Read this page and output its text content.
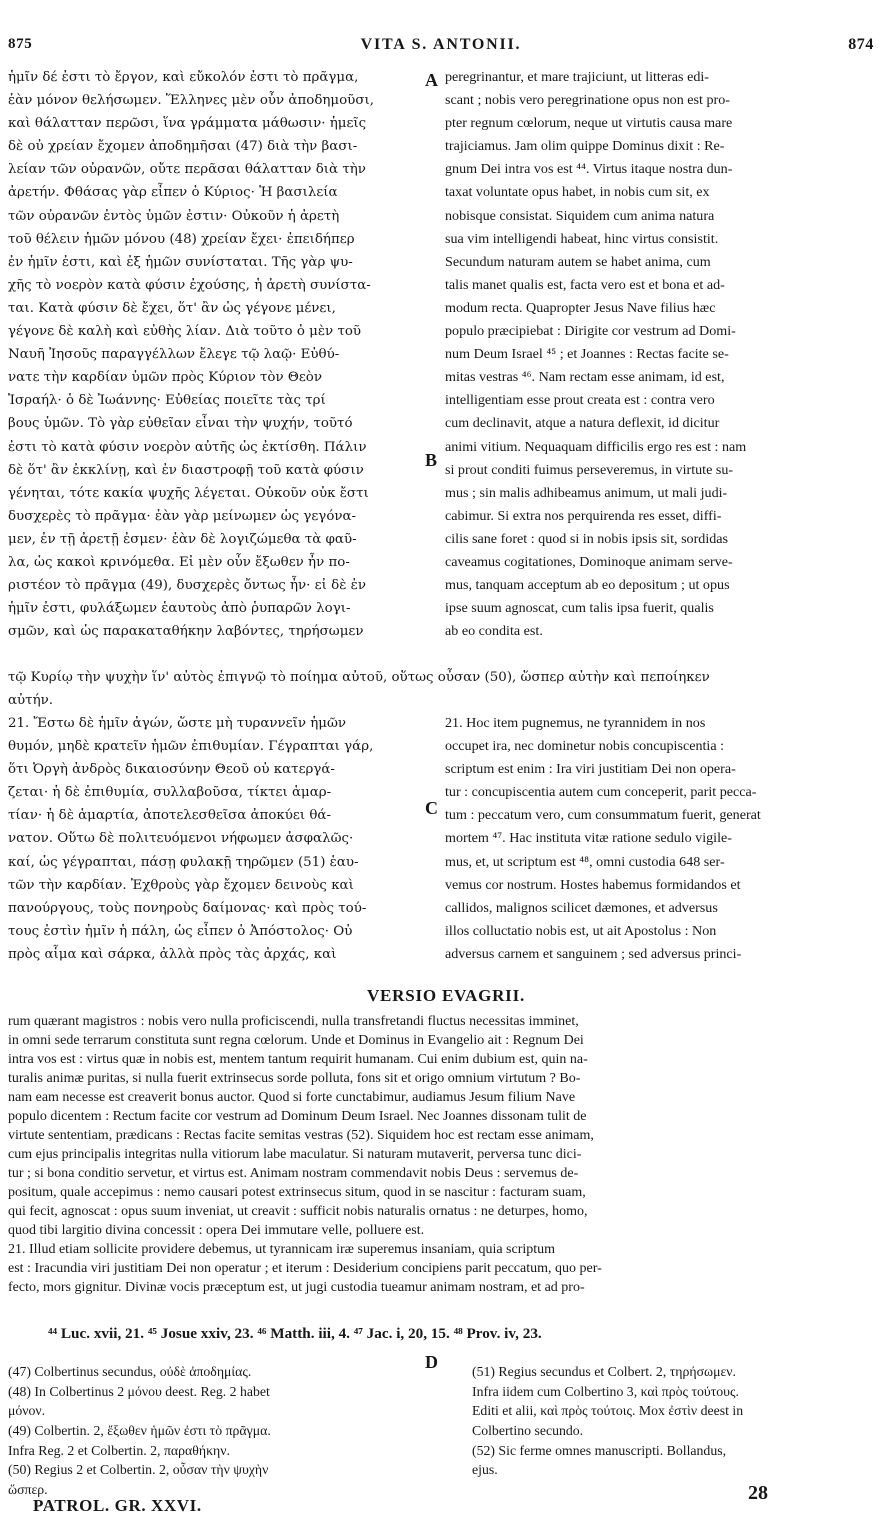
875	VITA S. ANTONII.	874
A
B
C
D
ἡμῖν δέ ἐστι τὸ ἔργον, καὶ εὔκολόν ἐστι τὸ πρᾶγμα,
ἐὰν μόνον θελήσωμεν. Ἕλληνες μὲν οὖν ἀποδημοῦσι,
καὶ θάλατταν περῶσι, ἵνα γράμματα μάθωσιν· ἡμεῖς
δὲ οὐ χρείαν ἔχομεν ἀποδημῆσαι (47) διὰ τὴν βασι-
λείαν τῶν οὐρανῶν, οὔτε περᾶσαι θάλατταν διὰ τὴν
ἀρετήν. Φθάσας γὰρ εἶπεν ὁ Κύριος· Ἡ βασιλεία
τῶν οὐρανῶν ἐντὸς ὑμῶν ἐστιν· Οὐκοῦν ἡ ἀρετὴ
τοῦ θέλειν ἡμῶν μόνου (48) χρείαν ἔχει· ἐπειδήπερ
ἐν ἡμῖν ἐστι, καὶ ἐξ ἡμῶν συνίσταται. Τῆς γὰρ ψυ-
χῆς τὸ νοερὸν κατὰ φύσιν ἐχούσης, ἡ ἀρετὴ συνίστα-
ται. Κατὰ φύσιν δὲ ἔχει, ὅτ' ἂν ὡς γέγονε μένει,
γέγονε δὲ καλὴ καὶ εὐθὴς λίαν. Διὰ τοῦτο ὁ μὲν τοῦ
Ναυῆ Ἰησοῦς παραγγέλλων ἔλεγε τῷ λαῷ· Εὐθύ-
νατε τὴν καρδίαν ὑμῶν πρὸς Κύριον τὸν Θεὸν
Ἰσραήλ· ὁ δὲ Ἰωάννης· Εὐθείας ποιεῖτε τὰς τρί
βους ὑμῶν. Τὸ γὰρ εὐθεῖαν εἶναι τὴν ψυχήν, τοῦτό
ἐστι τὸ κατὰ φύσιν νοερὸν αὐτῆς ὡς ἐκτίσθη. Πάλιν
δὲ ὅτ' ἂν ἐκκλίνῃ, καὶ ἐν διαστροφῇ τοῦ κατὰ φύσιν
γένηται, τότε κακία ψυχῆς λέγεται. Οὐκοῦν οὐκ ἔστι
δυσχερὲς τὸ πρᾶγμα· ἐὰν γὰρ μείνωμεν ὡς γεγόνα-
μεν, ἐν τῇ ἀρετῇ ἐσμεν· ἐὰν δὲ λογιζώμεθα τὰ φαῦ-
λα, ὡς κακοὶ κρινόμεθα. Εἰ μὲν οὖν ἔξωθεν ἦν πο-
ριστέον τὸ πρᾶγμα (49), δυσχερὲς ὄντως ἦν· εἰ δὲ ἐν
ἡμῖν ἐστι, φυλάξωμεν ἑαυτοὺς ἀπὸ ῥυπαρῶν λογι-
σμῶν, καὶ ὡς παρακαταθήκην λαβόντες, τηρήσωμεν
peregrinantur, et mare trajiciunt, ut litteras edi-
scant ; nobis vero peregrinatione opus non est pro-
pter regnum cœlorum, neque ut virtutis causa mare
trajiciamus. Jam olim quippe Dominus dixit : Re-
gnum Dei intra vos est ⁴⁴. Virtus itaque nostra dun-
taxat voluntate opus habet, in nobis cum sit, ex
nobisque consistat. Siquidem cum anima natura
sua vim intelligendi habeat, hinc virtus consistit.
Secundum naturam autem se habet anima, cum
talis manet qualis est, facta vero est et bona et ad-
modum recta. Quapropter Jesus Nave filius hæc
populo præcipiebat : Dirigite cor vestrum ad Domi-
num Deum Israel ⁴⁵ ; et Joannes : Rectas facite se-
mitas vestras ⁴⁶. Nam rectam esse animam, id est,
intelligentiam esse prout creata est : contra vero
cum declinavit, atque a natura deflexit, id dicitur
animi vitium. Nequaquam difficilis ergo res est : nam
si prout conditi fuimus perseveremus, in virtute su-
mus ; sin malis adhibeamus animum, ut mali judi-
cabimur. Si extra nos perquirenda res esset, diffi-
cilis sane foret : quod si in nobis ipsis sit, sordidas
caveamus cogitationes, Dominoque animam serve-
mus, tanquam acceptum ab eo depositum ; ut opus
ipse suum agnoscat, cum talis ipsa fuerit, qualis
ab eo condita est.
τῷ Κυρίῳ τὴν ψυχὴν ἵν' αὐτὸς ἐπιγνῷ τὸ ποίημα αὐτοῦ, οὕτως οὖσαν (50), ὥσπερ αὐτὴν καὶ πεποίηκεν
αὐτήν.
21. Ἔστω δὲ ἡμῖν ἀγών, ὥστε μὴ τυραννεῖν ἡμῶν
θυμόν, μηδὲ κρατεῖν ἡμῶν ἐπιθυμίαν. Γέγραπται γάρ,
ὅτι Ὀργὴ ἀνδρὸς δικαιοσύνην Θεοῦ οὐ κατεργά-
ζεται· ἡ δὲ ἐπιθυμία, συλλαβοῦσα, τίκτει ἁμαρ-
τίαν· ἡ δὲ ἁμαρτία, ἀποτελεσθεῖσα ἀποκύει θά-
νατον. Οὕτω δὲ πολιτευόμενοι νήφωμεν ἀσφαλῶς·
καί, ὡς γέγραπται, πάσῃ φυλακῇ τηρῶμεν (51) ἑαυ-
τῶν τὴν καρδίαν. Ἐχθροὺς γὰρ ἔχομεν δεινοὺς καὶ
πανούργους, τοὺς πονηροὺς δαίμονας· καὶ πρὸς τού-
τους ἐστὶν ἡμῖν ἡ πάλη, ὡς εἶπεν ὁ Ἀπόστολος· Οὐ
πρὸς αἷμα καὶ σάρκα, ἀλλὰ πρὸς τὰς ἀρχάς, καὶ
21. Hoc item pugnemus, ne tyrannidem in nos
occupet ira, nec dominetur nobis concupiscentia :
scriptum est enim : Ira viri justitiam Dei non opera-
tur : concupiscentia autem cum conceperit, parit pecca-
tum : peccatum vero, cum consummatum fuerit, generat
mortem ⁴⁷. Hac instituta vitæ ratione sedulo vigile-
mus, et, ut scriptum est ⁴⁸, omni custodia 648 ser-
vemus cor nostrum. Hostes habemus formidandos et
callidos, malignos scilicet dæmones, et adversus
illos colluctatio nobis est, ut ait Apostolus : Non
adversus carnem et sanguinem ; sed adversus princi-
VERSIO EVAGRII.
rum quærant magistros : nobis vero nulla proficiscendi, nulla transfretandi fluctus necessitas imminet,
in omni sede terrarum constituta sunt regna cœlorum. Unde et Dominus in Evangelio ait : Regnum Dei
intra vos est : virtus quæ in nobis est, mentem tantum requirit humanam. Cui enim dubium est, quin na-
turalis animæ puritas, si nulla fuerit extrinsecus sorde polluta, fons sit et origo omnium virtutum ? Bo-
nam eam necesse est creaverit bonus auctor. Quod si forte cunctabimur, audiamus Jesum filium Nave
populo dicentem : Rectum facite cor vestrum ad Dominum Deum Israel. Nec Joannes dissonam tulit de
virtute sententiam, prædicans : Rectas facite semitas vestras (52). Siquidem hoc est rectam esse animam,
cum ejus principalis integritas nulla vitiorum labe maculatur. Si naturam mutaverit, perversa tunc dici-
tur ; si bona conditio servetur, et virtus est. Animam nostram commendavit nobis Deus : servemus de-
positum, quale accepimus : nemo causari potest extrinsecus situm, quod in se nascitur : facturam suam,
qui fecit, agnoscat : opus suum inveniat, ut creavit : sufficit nobis naturalis ornatus : ne deturpes, homo,
quod tibi largitio divina concessit : opera Dei immutare velle, polluere est.
21. Illud etiam sollicite providere debemus, ut tyrannicam iræ superemus insaniam, quia scriptum
est : Iracundia viri justitiam Dei non operatur ; et iterum : Desiderium concipiens parit peccatum, quo per-
fecto, mors gignitur. Divinæ vocis præceptum est, ut jugi custodia tueamur animam nostram, et ad pro-
⁴⁴ Luc. xvii, 21. ⁴⁵ Josue xxiv, 23. ⁴⁶ Matth. iii, 4. ⁴⁷ Jac. i, 20, 15. ⁴⁸ Prov. iv, 23.
(47) Colbertinus secundus, οὐδὲ ἀποδημίας.
(48) In Colbertinus 2 μόνου deest. Reg. 2 habet
μόνον.
(49) Colbertin. 2, ἔξωθεν ἡμῶν ἐστι τὸ πρᾶγμα.
Infra Reg. 2 et Colbertin. 2, παραθήκην.
(50) Regius 2 et Colbertin. 2, οὖσαν τὴν ψυχὴν
ὥσπερ.
(51) Regius secundus et Colbert. 2, τηρήσωμεν.
Infra iidem cum Colbertino 3, καὶ πρὸς τούτους.
Editi et alii, καὶ πρὸς τούτοις. Mox ἐστὶν deest in
Colbertino secundo.
(52) Sic ferme omnes manuscripti. Bollandus,
ejus.
PATROL. GR. XXVI.
28
